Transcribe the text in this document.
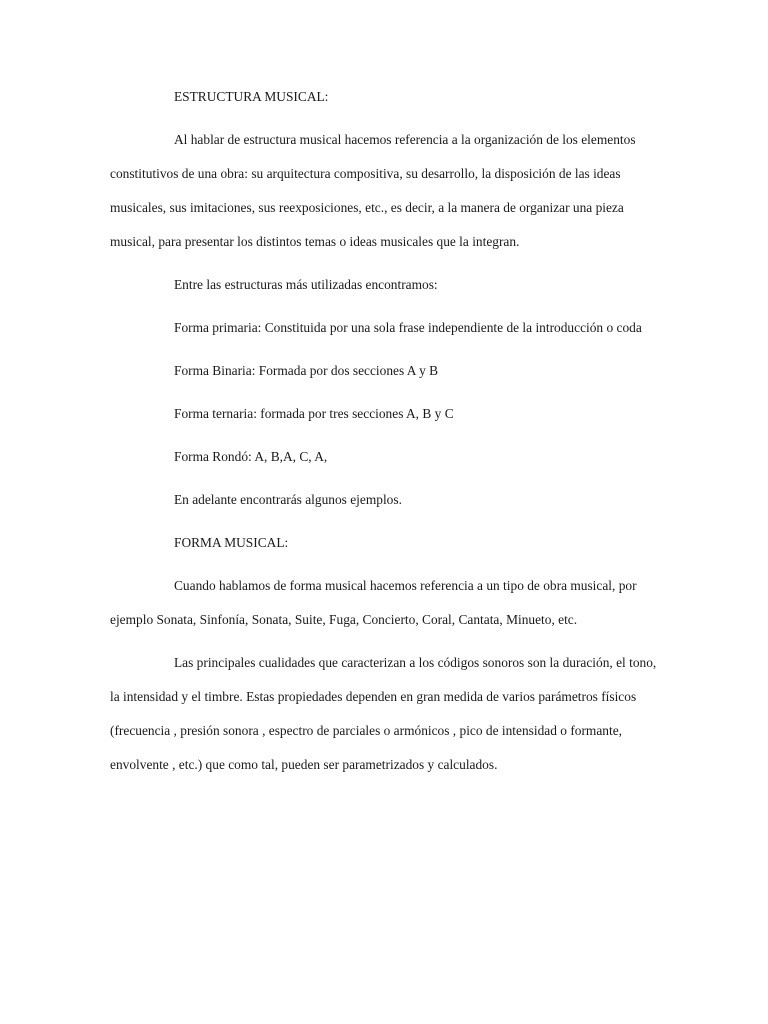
ESTRUCTURA MUSICAL:

Al hablar de estructura musical hacemos referencia a la organización de los elementos constitutivos de una obra: su arquitectura compositiva, su desarrollo, la disposición de las ideas musicales, sus imitaciones, sus reexposiciones, etc., es decir, a la manera de organizar una pieza musical, para presentar los distintos temas o ideas musicales que la integran.

Entre las estructuras más utilizadas encontramos:

Forma primaria: Constituida por una sola frase independiente de la introducción o coda

Forma Binaria: Formada por dos secciones A y B

Forma ternaria: formada por tres secciones A, B y C

Forma Rondó: A, B,A, C, A,

En adelante encontrarás algunos ejemplos.

FORMA MUSICAL:

Cuando hablamos de forma musical hacemos referencia a un tipo de obra musical, por ejemplo Sonata, Sinfonía, Sonata, Suite, Fuga, Concierto, Coral, Cantata, Minueto, etc.

Las principales cualidades que caracterizan a los códigos sonoros son la duración, el tono, la intensidad y el timbre. Estas propiedades dependen en gran medida de varios parámetros físicos (frecuencia , presión sonora , espectro de parciales o armónicos , pico de intensidad o formante, envolvente , etc.) que como tal, pueden ser parametrizados y calculados.
